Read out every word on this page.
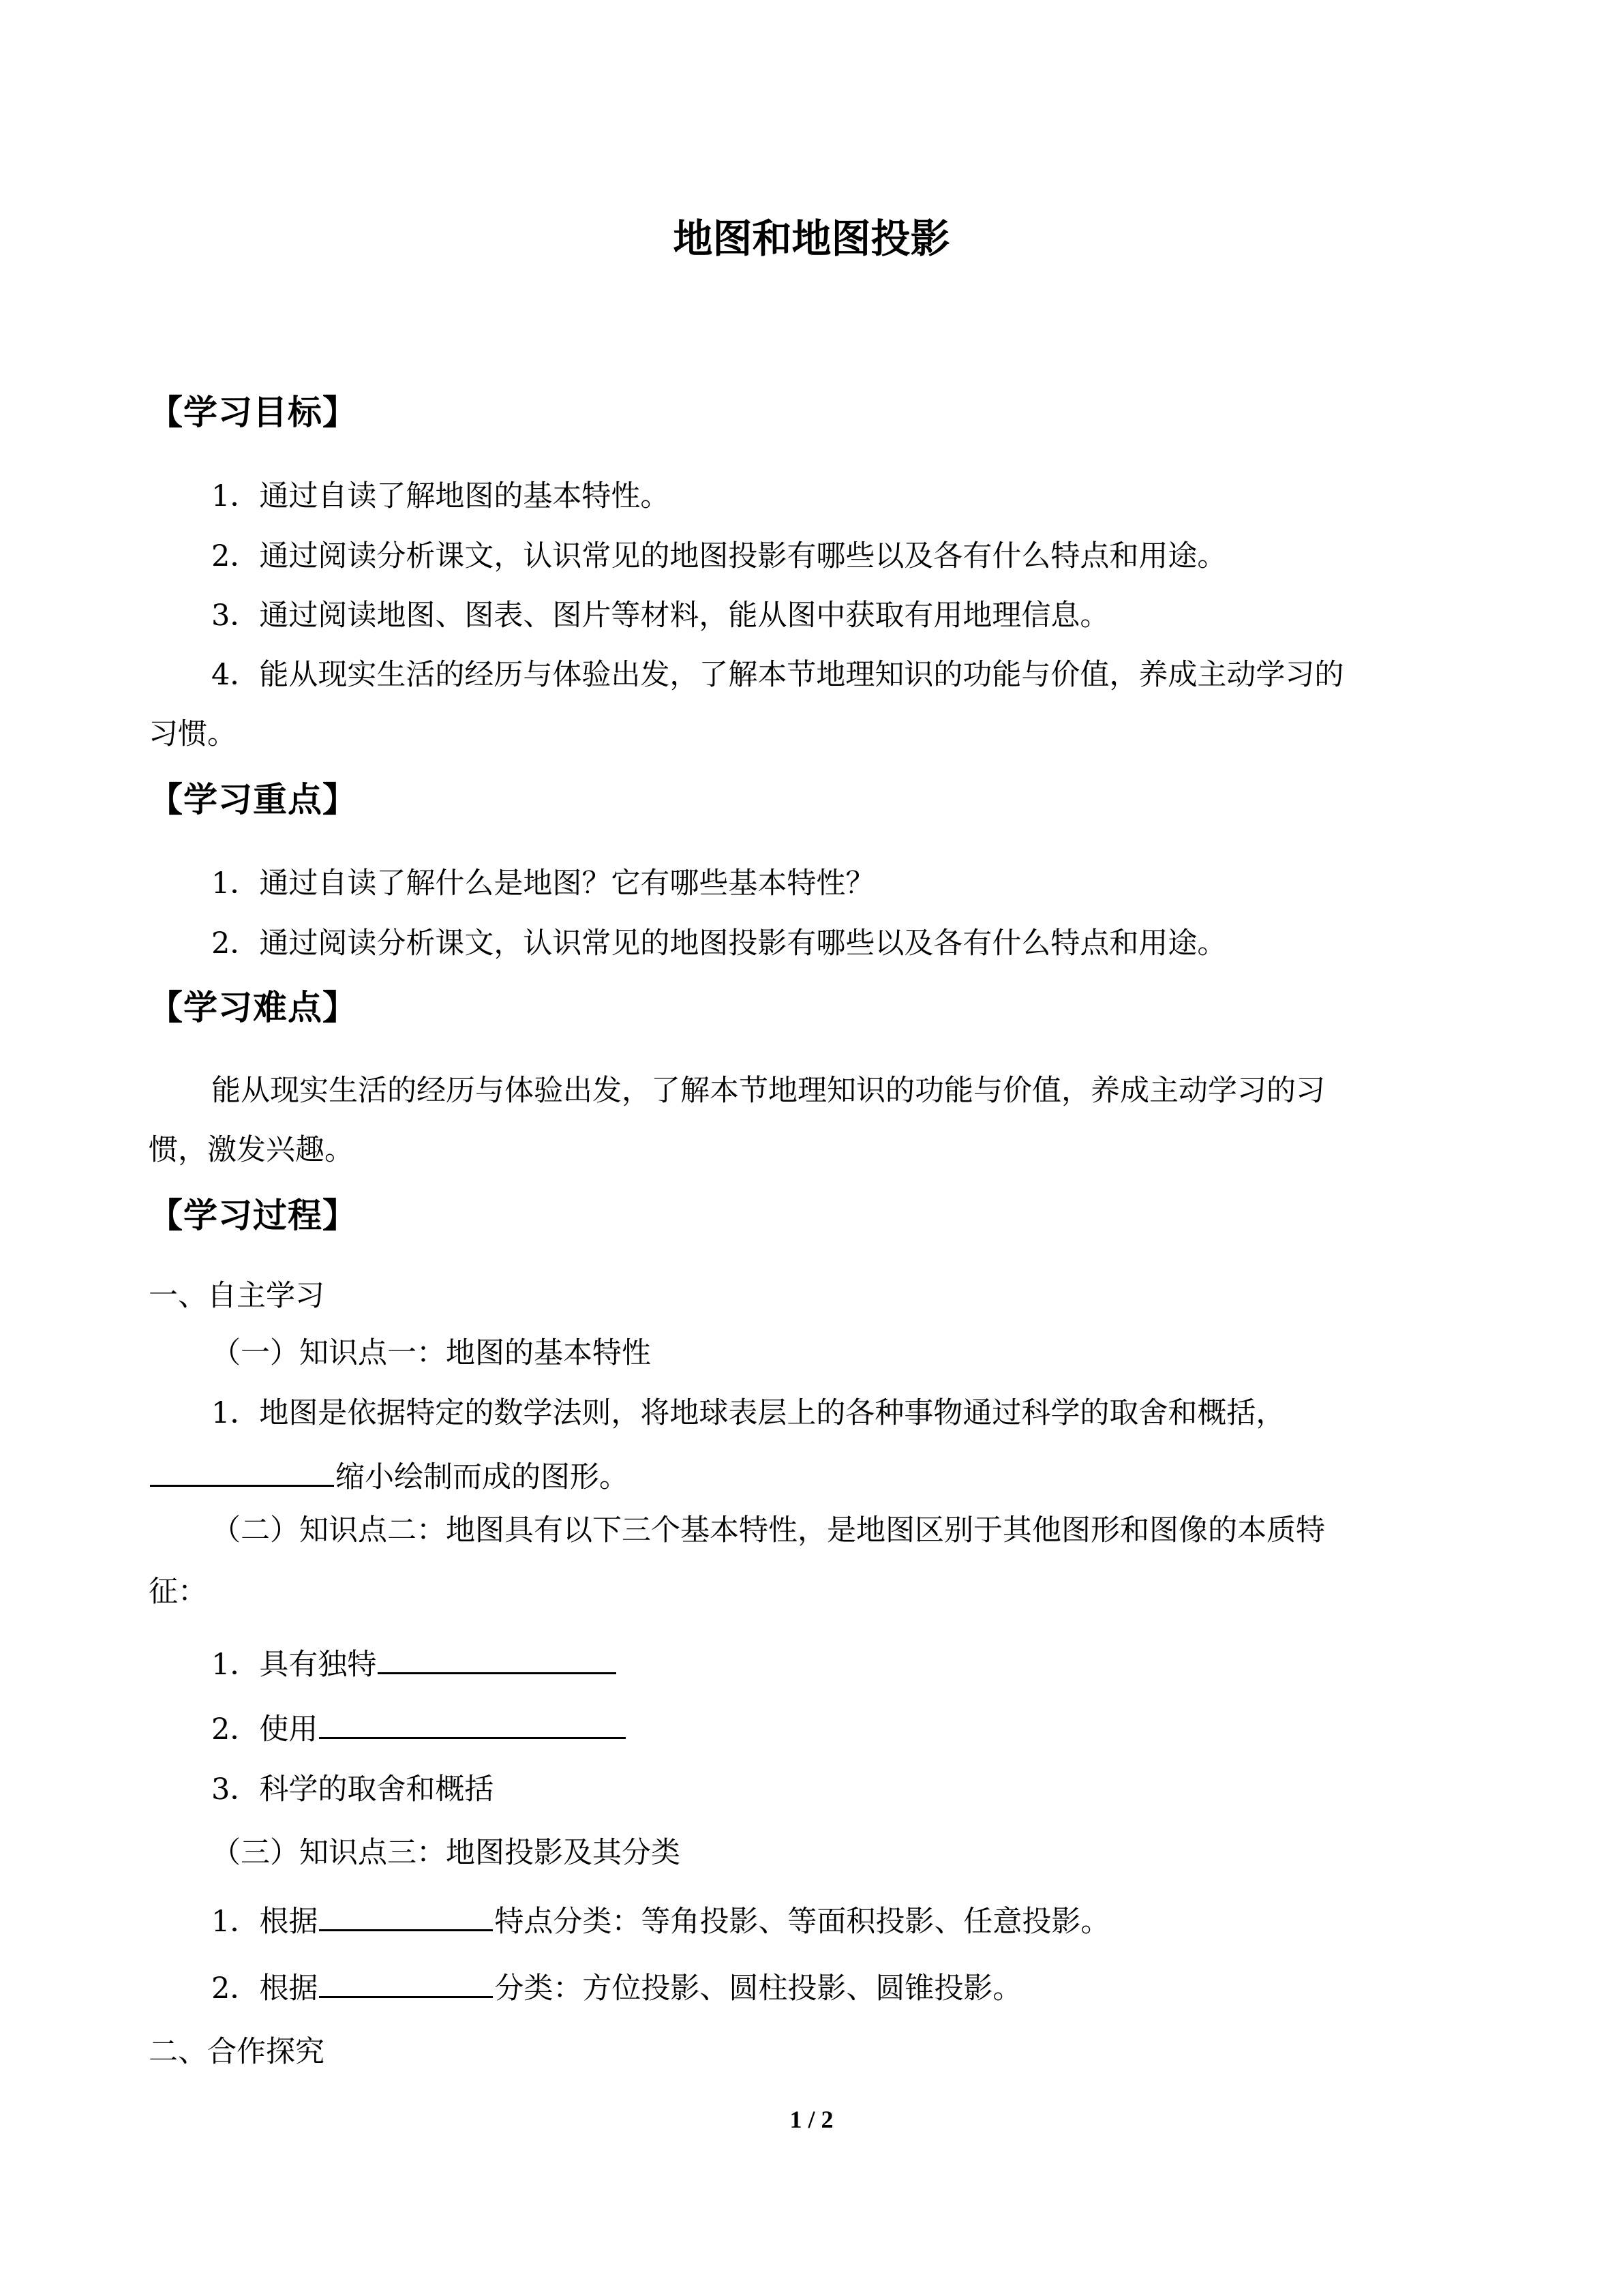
地图和地图投影
【学习目标】
1．通过自读了解地图的基本特性。
2．通过阅读分析课文，认识常见的地图投影有哪些以及各有什么特点和用途。
3．通过阅读地图、图表、图片等材料，能从图中获取有用地理信息。
4．能从现实生活的经历与体验出发，了解本节地理知识的功能与价值，养成主动学习的
习惯。
【学习重点】
1．通过自读了解什么是地图？它有哪些基本特性？
2．通过阅读分析课文，认识常见的地图投影有哪些以及各有什么特点和用途。
【学习难点】
能从现实生活的经历与体验出发，了解本节地理知识的功能与价值，养成主动学习的习
惯，激发兴趣。
【学习过程】
一、自主学习
（一）知识点一：地图的基本特性
1．地图是依据特定的数学法则，将地球表层上的各种事物通过科学的取舍和概括，
缩小绘制而成的图形。
（二）知识点二：地图具有以下三个基本特性，是地图区别于其他图形和图像的本质特
征：
1．具有独特
2．使用
3．科学的取舍和概括
（三）知识点三：地图投影及其分类
1．根据	特点分类：等角投影、等面积投影、任意投影。
2．根据	分类：方位投影、圆柱投影、圆锥投影。
二、合作探究
1 / 2
